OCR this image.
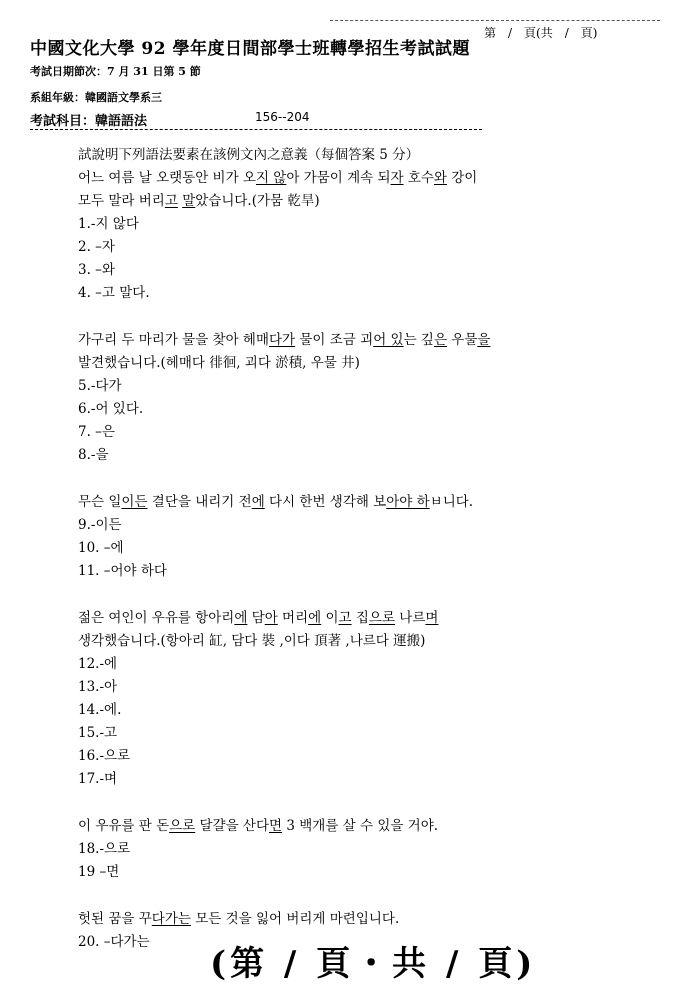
中國文化大學 92 學年度日間部學士班轉學招生考試試題
第　/　頁(共　/　頁)
考試日期節次：7 月 31 日第 5 節
系組年級：韓國語文學系三
考試科目：韓語語法	156--204
試說明下列語法要素在該例文內之意義（每個答案 5 分）
어느 여름 날 오랫동안 비가 오지 않아 가뭄이 계속 되자 호수와 강이
모두 말라 버리고 말았습니다.(가뭄 乾旱)
1.-지 않다
2. –자
3. –와
4. –고 말다.
가구리 두 마리가 물을 찾아 헤매다가 물이 조금 괴어 있는 깊은 우물을
발견했습니다.(헤매다 徘徊, 괴다 淤積, 우물 井)
5.-다가
6.-어 있다.
7. –은
8.-을
무슨 일이든 결단을 내리기 전에 다시 한번 생각해 보아야 하ㅂ니다.
9.-이든
10. –에
11. –어야 하다
젊은 여인이 우유를 항아리에 담아 머리에 이고 집으로 나르며
생각했습니다.(항아리 缸, 담다 裝 ,이다 頂著 ,나르다 運搬)
12.-에
13.-아
14.-에.
15.-고
16.-으로
17.-며
이 우유를 판 돈으로 달걀을 산다면 3 백개를 살 수 있을 거야.
18.-으로
19 –면
헛된 꿈을 꾸다가는 모든 것을 잃어 버리게 마련입니다.
20. –다가는
(第 / 頁・共 / 頁)
